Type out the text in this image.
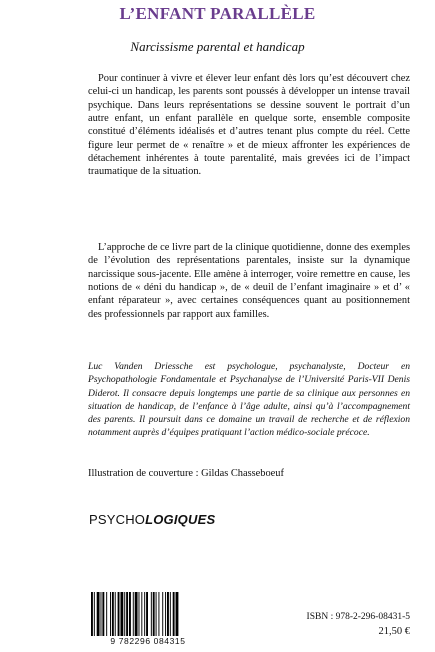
L’ENFANT PARALLÈLE
Narcissisme parental et handicap

Pour continuer à vivre et élever leur enfant dès lors qu’est découvert chez celui-ci un handicap, les parents sont poussés à développer un intense travail psychique. Dans leurs représentations se dessine souvent le portrait d’un autre enfant, un enfant parallèle en quelque sorte, ensemble composite constitué d’éléments idéalisés et d’autres tenant plus compte du réel. Cette figure leur permet de « renaître » et de mieux affronter les expériences de détachement inhérentes à toute parentalité, mais grevées ici de l’impact traumatique de la situation.

L’approche de ce livre part de la clinique quotidienne, donne des exemples de l’évolution des représentations parentales, insiste sur la dynamique narcissique sous-jacente. Elle amène à interroger, voire remettre en cause, les notions de « déni du handicap », de « deuil de l’enfant imaginaire » et d’ « enfant réparateur », avec certaines conséquences quant au positionnement des professionnels par rapport aux familles.

Luc Vanden Driessche est psychologue, psychanalyste, Docteur en Psychopathologie Fondamentale et Psychanalyse de l’Université Paris-VII Denis Diderot. Il consacre depuis longtemps une partie de sa clinique aux personnes en situation de handicap, de l’enfance à l’âge adulte, ainsi qu’à l’accompagnement des parents. Il poursuit dans ce domaine un travail de recherche et de réflexion notamment auprès d’équipes pratiquant l’action médico-sociale précoce.
Illustration de couverture : Gildas Chasseboeuf
PSYCHOLOGIQUES
9 782296 084315
ISBN : 978-2-296-08431-5
21,50 €
